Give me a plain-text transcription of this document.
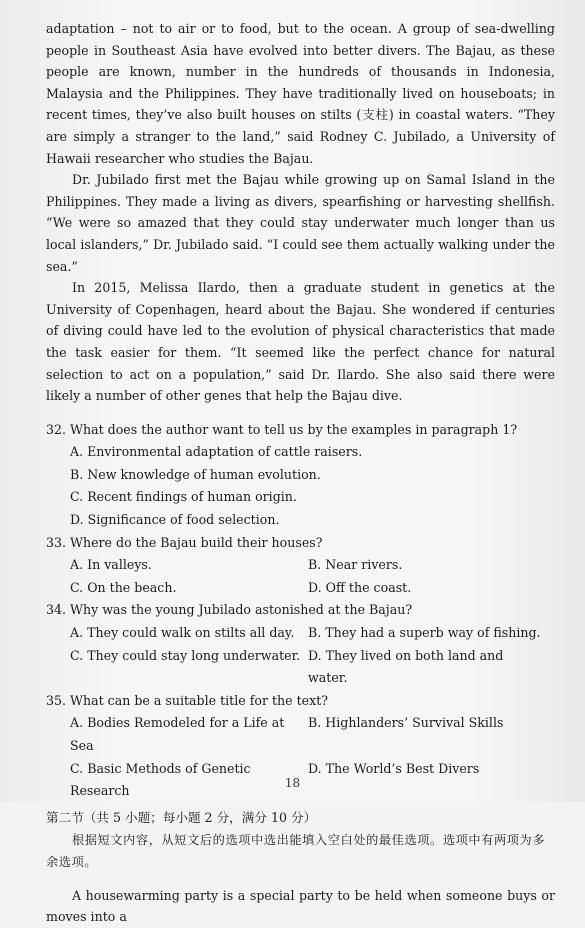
adaptation – not to air or to food, but to the ocean. A group of sea-dwelling people in Southeast Asia have evolved into better divers. The Bajau, as these people are known, number in the hundreds of thousands in Indonesia, Malaysia and the Philippines. They have traditionally lived on houseboats; in recent times, they’ve also built houses on stilts (支柱) in coastal waters. “They are simply a stranger to the land,” said Rodney C. Jubilado, a University of Hawaii researcher who studies the Bajau.

Dr. Jubilado first met the Bajau while growing up on Samal Island in the Philippines. They made a living as divers, spearfishing or harvesting shellfish. “We were so amazed that they could stay underwater much longer than us local islanders,” Dr. Jubilado said. “I could see them actually walking under the sea.”

In 2015, Melissa Ilardo, then a graduate student in genetics at the University of Copenhagen, heard about the Bajau. She wondered if centuries of diving could have led to the evolution of physical characteristics that made the task easier for them. “It seemed like the perfect chance for natural selection to act on a population,” said Dr. Ilardo. She also said there were likely a number of other genes that help the Bajau dive.

32. What does the author want to tell us by the examples in paragraph 1?

A. Environmental adaptation of cattle raisers.

B. New knowledge of human evolution.

C. Recent findings of human origin.

D. Significance of food selection.

33. Where do the Bajau build their houses?

A. In valleys.	B. Near rivers.
C. On the beach.	D. Off the coast.

34. Why was the young Jubilado astonished at the Bajau?

A. They could walk on stilts all day.	B. They had a superb way of fishing.
C. They could stay long underwater. D. They lived on both land and water.

35. What can be a suitable title for the text?

A. Bodies Remodeled for a Life at Sea
B. Highlanders’ Survival Skills
C. Basic Methods of Genetic Research
D. The World’s Best Divers
第二节（共 5 小题；每小题 2 分，满分 10 分）

根据短文内容，从短文后的选项中选出能填入空白处的最佳选项。选项中有两项为多余选项。

A housewarming party is a special party to be held when someone buys or moves into a

18
